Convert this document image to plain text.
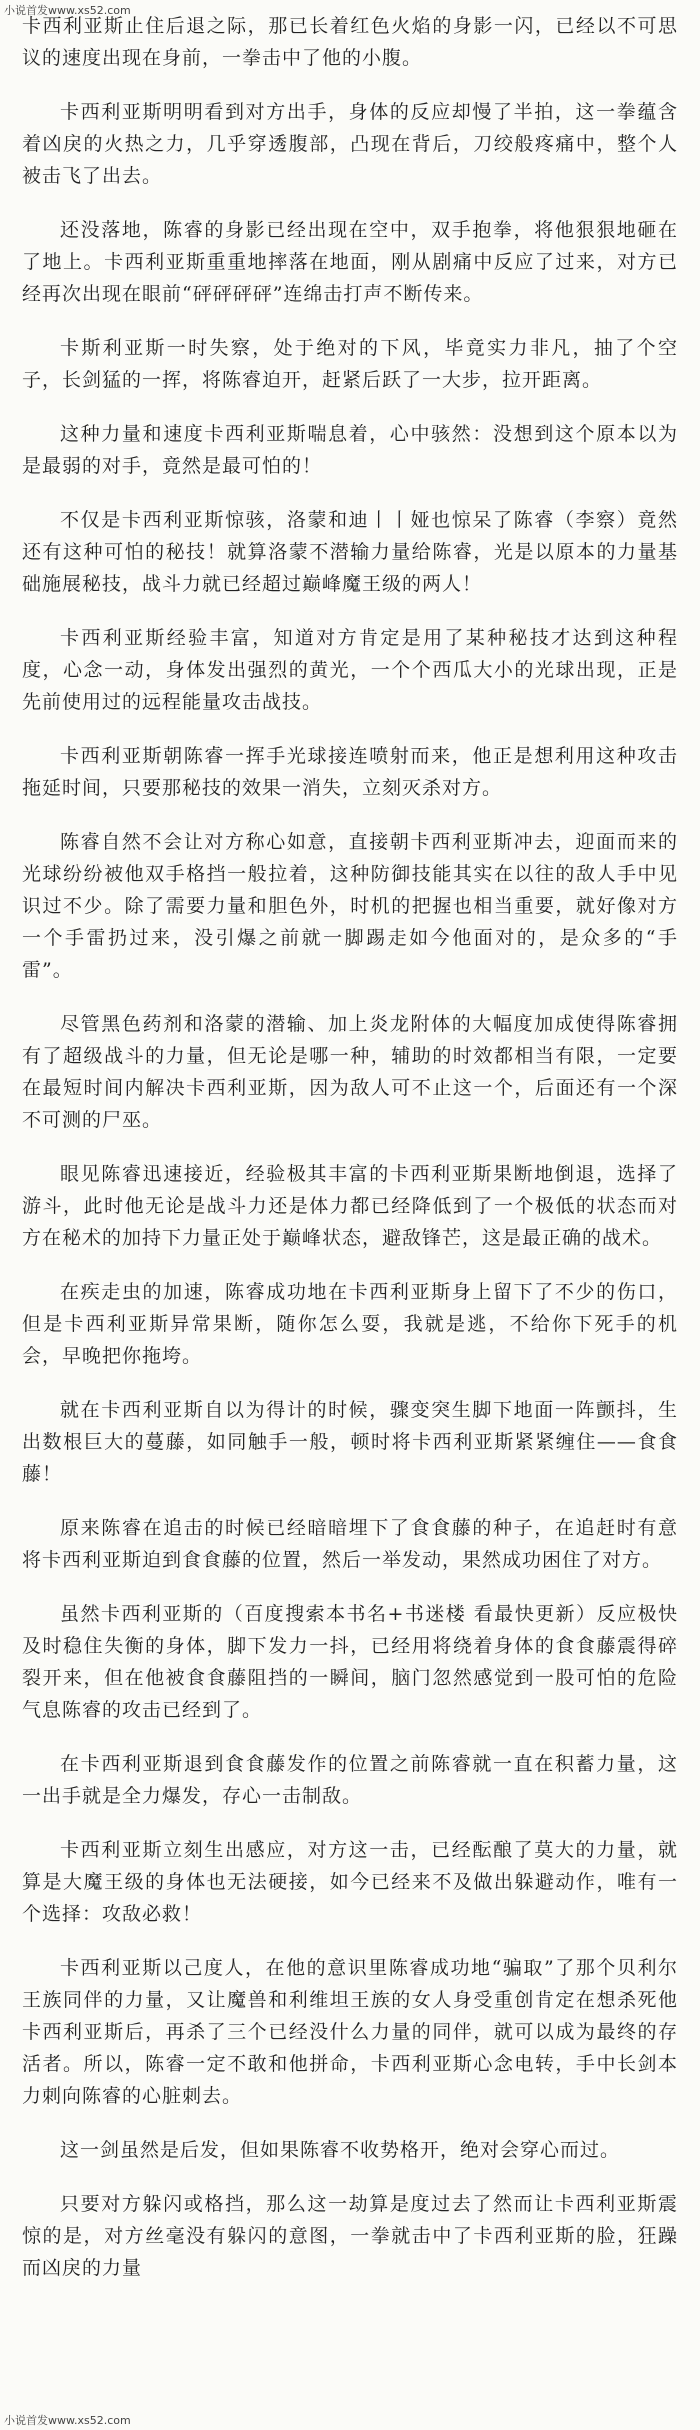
小说首发www.xs52.com

卡西利亚斯止住后退之际，那已长着红色火焰的身影一闪，已经以不可思议的速度出现在身前，一拳击中了他的小腹。

卡西利亚斯明明看到对方出手，身体的反应却慢了半拍，这一拳蕴含着凶戾的火热之力，几乎穿透腹部，凸现在背后，刀绞般疼痛中，整个人被击飞了出去。

还没落地，陈睿的身影已经出现在空中，双手抱拳，将他狠狠地砸在了地上。卡西利亚斯重重地摔落在地面，刚从剧痛中反应了过来，对方已经再次出现在眼前“砰砰砰砰”连绵击打声不断传来。

卡斯利亚斯一时失察，处于绝对的下风，毕竟实力非凡，抽了个空子，长剑猛的一挥，将陈睿迫开，赶紧后跃了一大步，拉开距离。

这种力量和速度卡西利亚斯喘息着，心中骇然：没想到这个原本以为是最弱的对手，竟然是最可怕的！

不仅是卡西利亚斯惊骇，洛蒙和迪丨丨娅也惊呆了陈睿（李察）竟然还有这种可怕的秘技！就算洛蒙不潜输力量给陈睿，光是以原本的力量基础施展秘技，战斗力就已经超过巅峰魔王级的两人！

卡西利亚斯经验丰富，知道对方肯定是用了某种秘技才达到这种程度，心念一动，身体发出强烈的黄光，一个个西瓜大小的光球出现，正是先前使用过的远程能量攻击战技。

卡西利亚斯朝陈睿一挥手光球接连喷射而来，他正是想利用这种攻击拖延时间，只要那秘技的效果一消失，立刻灭杀对方。

陈睿自然不会让对方称心如意，直接朝卡西利亚斯冲去，迎面而来的光球纷纷被他双手格挡一般拉着，这种防御技能其实在以往的敌人手中见识过不少。除了需要力量和胆色外，时机的把握也相当重要，就好像对方一个手雷扔过来，没引爆之前就一脚踢走如今他面对的，是众多的“手雷”。

尽管黑色药剂和洛蒙的潜输、加上炎龙附体的大幅度加成使得陈睿拥有了超级战斗的力量，但无论是哪一种，辅助的时效都相当有限，一定要在最短时间内解决卡西利亚斯，因为敌人可不止这一个，后面还有一个深不可测的尸巫。

眼见陈睿迅速接近，经验极其丰富的卡西利亚斯果断地倒退，选择了游斗，此时他无论是战斗力还是体力都已经降低到了一个极低的状态而对方在秘术的加持下力量正处于巅峰状态，避敌锋芒，这是最正确的战术。

在疾走虫的加速，陈睿成功地在卡西利亚斯身上留下了不少的伤口，但是卡西利亚斯异常果断，随你怎么耍，我就是逃，不给你下死手的机会，早晚把你拖垮。

就在卡西利亚斯自以为得计的时候，骤变突生脚下地面一阵颤抖，生出数根巨大的蔓藤，如同触手一般，顿时将卡西利亚斯紧紧缠住——食食藤！

原来陈睿在追击的时候已经暗暗埋下了食食藤的种子，在追赶时有意将卡西利亚斯迫到食食藤的位置，然后一举发动，果然成功困住了对方。

虽然卡西利亚斯的（百度搜索本书名+书迷楼 看最快更新）反应极快及时稳住失衡的身体，脚下发力一抖，已经用将绕着身体的食食藤震得碎裂开来，但在他被食食藤阻挡的一瞬间，脑门忽然感觉到一股可怕的危险气息陈睿的攻击已经到了。

在卡西利亚斯退到食食藤发作的位置之前陈睿就一直在积蓄力量，这一出手就是全力爆发，存心一击制敌。

卡西利亚斯立刻生出感应，对方这一击，已经酝酿了莫大的力量，就算是大魔王级的身体也无法硬接，如今已经来不及做出躲避动作，唯有一个选择：攻敌必救！

卡西利亚斯以己度人，在他的意识里陈睿成功地“骗取”了那个贝利尔王族同伴的力量，又让魔兽和利维坦王族的女人身受重创肯定在想杀死他卡西利亚斯后，再杀了三个已经没什么力量的同伴，就可以成为最终的存活者。所以，陈睿一定不敢和他拼命，卡西利亚斯心念电转，手中长剑本力刺向陈睿的心脏刺去。

这一剑虽然是后发，但如果陈睿不收势格开，绝对会穿心而过。

只要对方躲闪或格挡，那么这一劫算是度过去了然而让卡西利亚斯震惊的是，对方丝毫没有躲闪的意图，一拳就击中了卡西利亚斯的脸，狂躁而凶戾的力量

小说首发www.xs52.com
